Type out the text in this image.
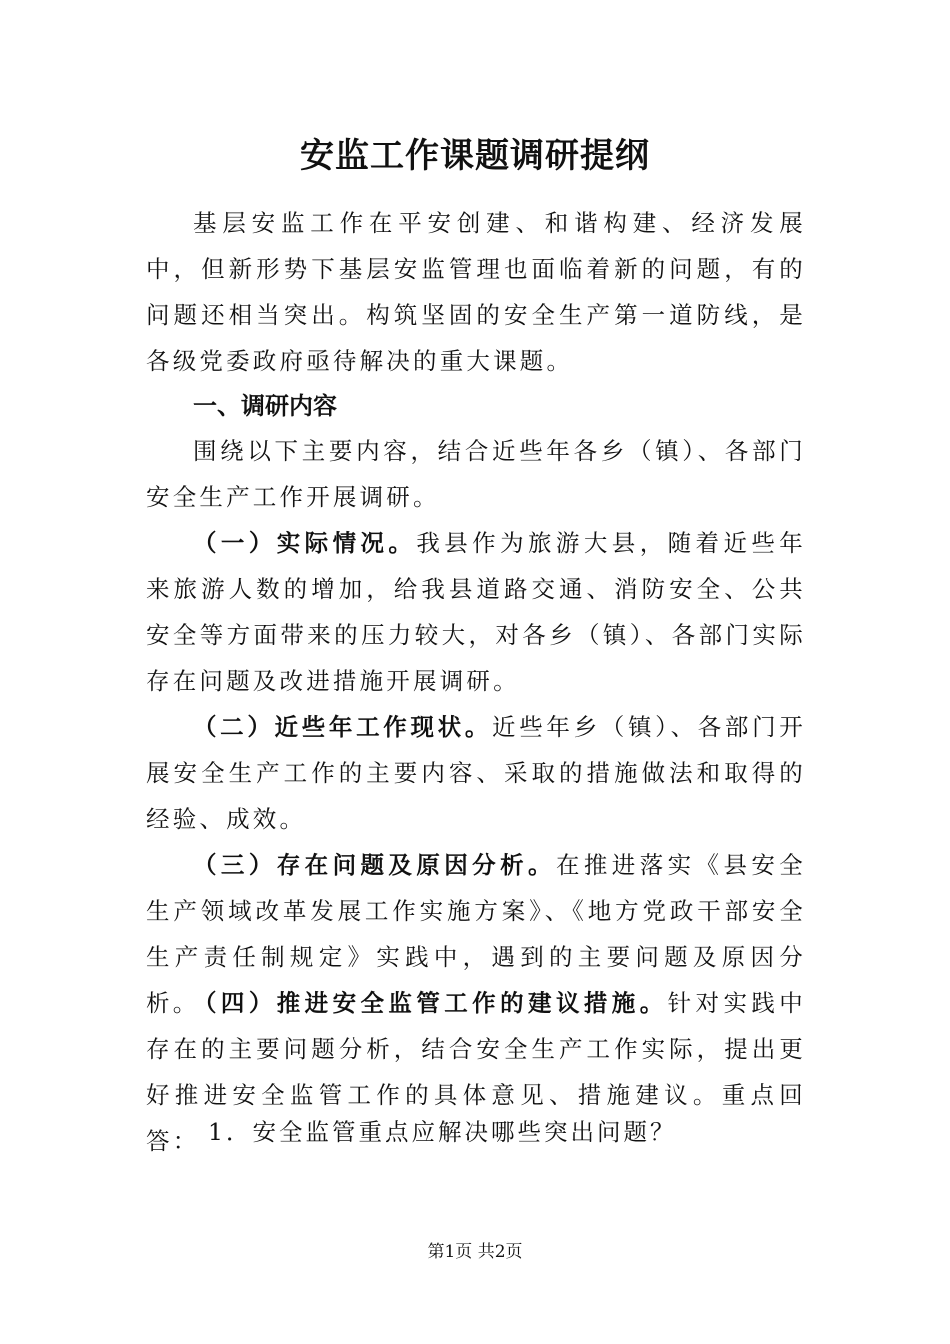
安监工作课题调研提纲

基层安监工作在平安创建、和谐构建、经济发展中，但新形势下基层安监管理也面临着新的问题，有的问题还相当突出。构筑坚固的安全生产第一道防线，是各级党委政府亟待解决的重大课题。

一、调研内容

围绕以下主要内容，结合近些年各乡（镇）、各部门安全生产工作开展调研。

（一）实际情况。我县作为旅游大县，随着近些年来旅游人数的增加，给我县道路交通、消防安全、公共安全等方面带来的压力较大，对各乡（镇）、各部门实际存在问题及改进措施开展调研。

（二）近些年工作现状。近些年乡（镇）、各部门开展安全生产工作的主要内容、采取的措施做法和取得的经验、成效。

（三）存在问题及原因分析。在推进落实《县安全生产领域改革发展工作实施方案》、《地方党政干部安全生产责任制规定》实践中，遇到的主要问题及原因分析。

（四）推进安全监管工作的建议措施。针对实践中存在的主要问题分析，结合安全生产工作实际，提出更好推进安全监管工作的具体意见、措施建议。重点回答： 1．安全监管重点应解决哪些突出问题？
第1页 共2页
